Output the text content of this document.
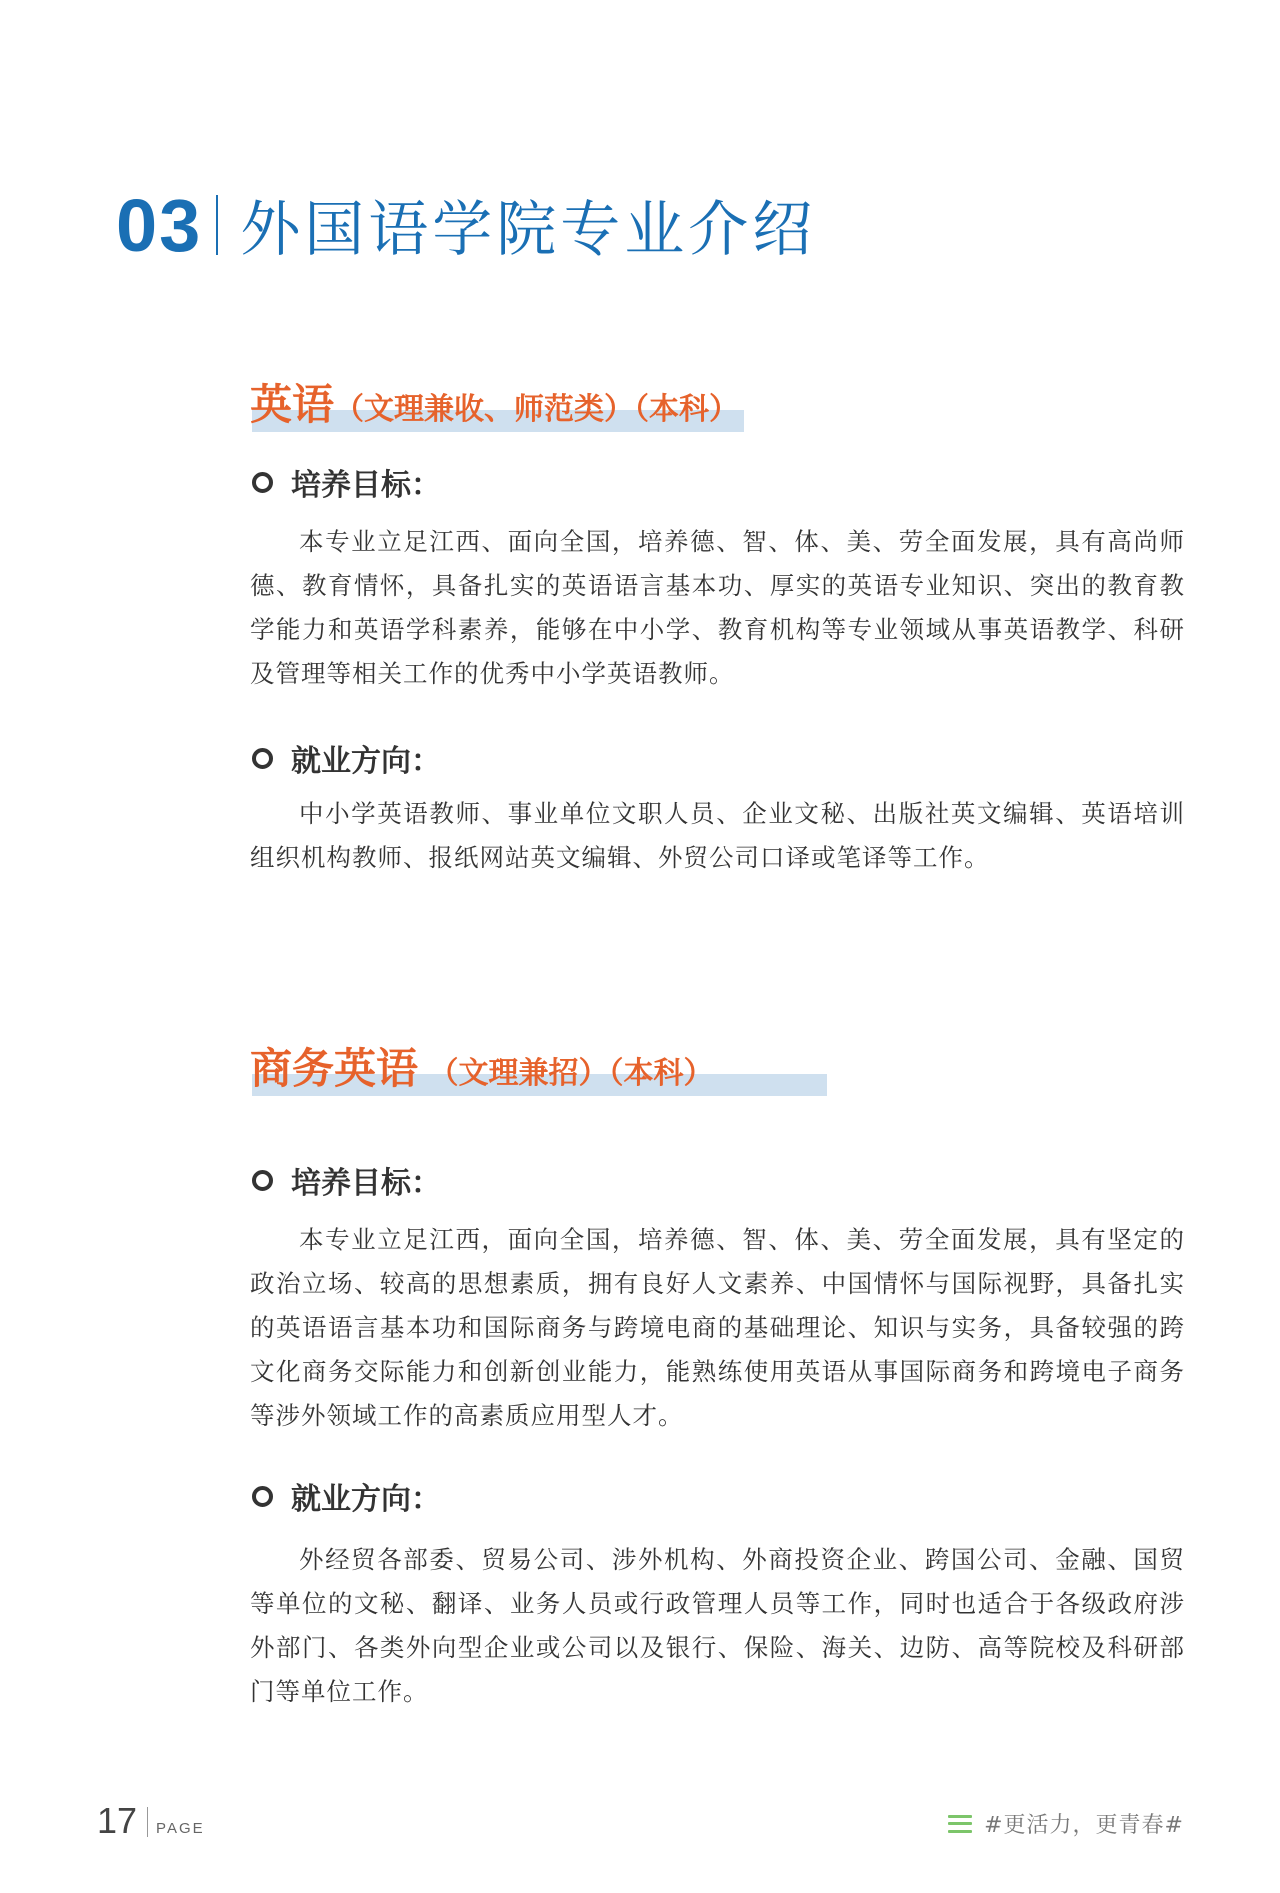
03 外国语学院专业介绍
英语（文理兼收、师范类）（本科）
培养目标：

本专业立足江西、面向全国，培养德、智、体、美、劳全面发展，具有高尚师德、教育情怀，具备扎实的英语语言基本功、厚实的英语专业知识、突出的教育教学能力和英语学科素养，能够在中小学、教育机构等专业领域从事英语教学、科研及管理等相关工作的优秀中小学英语教师。

就业方向：

中小学英语教师、事业单位文职人员、企业文秘、出版社英文编辑、英语培训组织机构教师、报纸网站英文编辑、外贸公司口译或笔译等工作。

商务英语 （文理兼招）（本科）
培养目标：

本专业立足江西，面向全国，培养德、智、体、美、劳全面发展，具有坚定的政治立场、较高的思想素质，拥有良好人文素养、中国情怀与国际视野，具备扎实的英语语言基本功和国际商务与跨境电商的基础理论、知识与实务，具备较强的跨文化商务交际能力和创新创业能力，能熟练使用英语从事国际商务和跨境电子商务等涉外领域工作的高素质应用型人才。

就业方向：

外经贸各部委、贸易公司、涉外机构、外商投资企业、跨国公司、金融、国贸等单位的文秘、翻译、业务人员或行政管理人员等工作，同时也适合于各级政府涉外部门、各类外向型企业或公司以及银行、保险、海关、边防、高等院校及科研部门等单位工作。

17 PAGE	#更活力，更青春#
